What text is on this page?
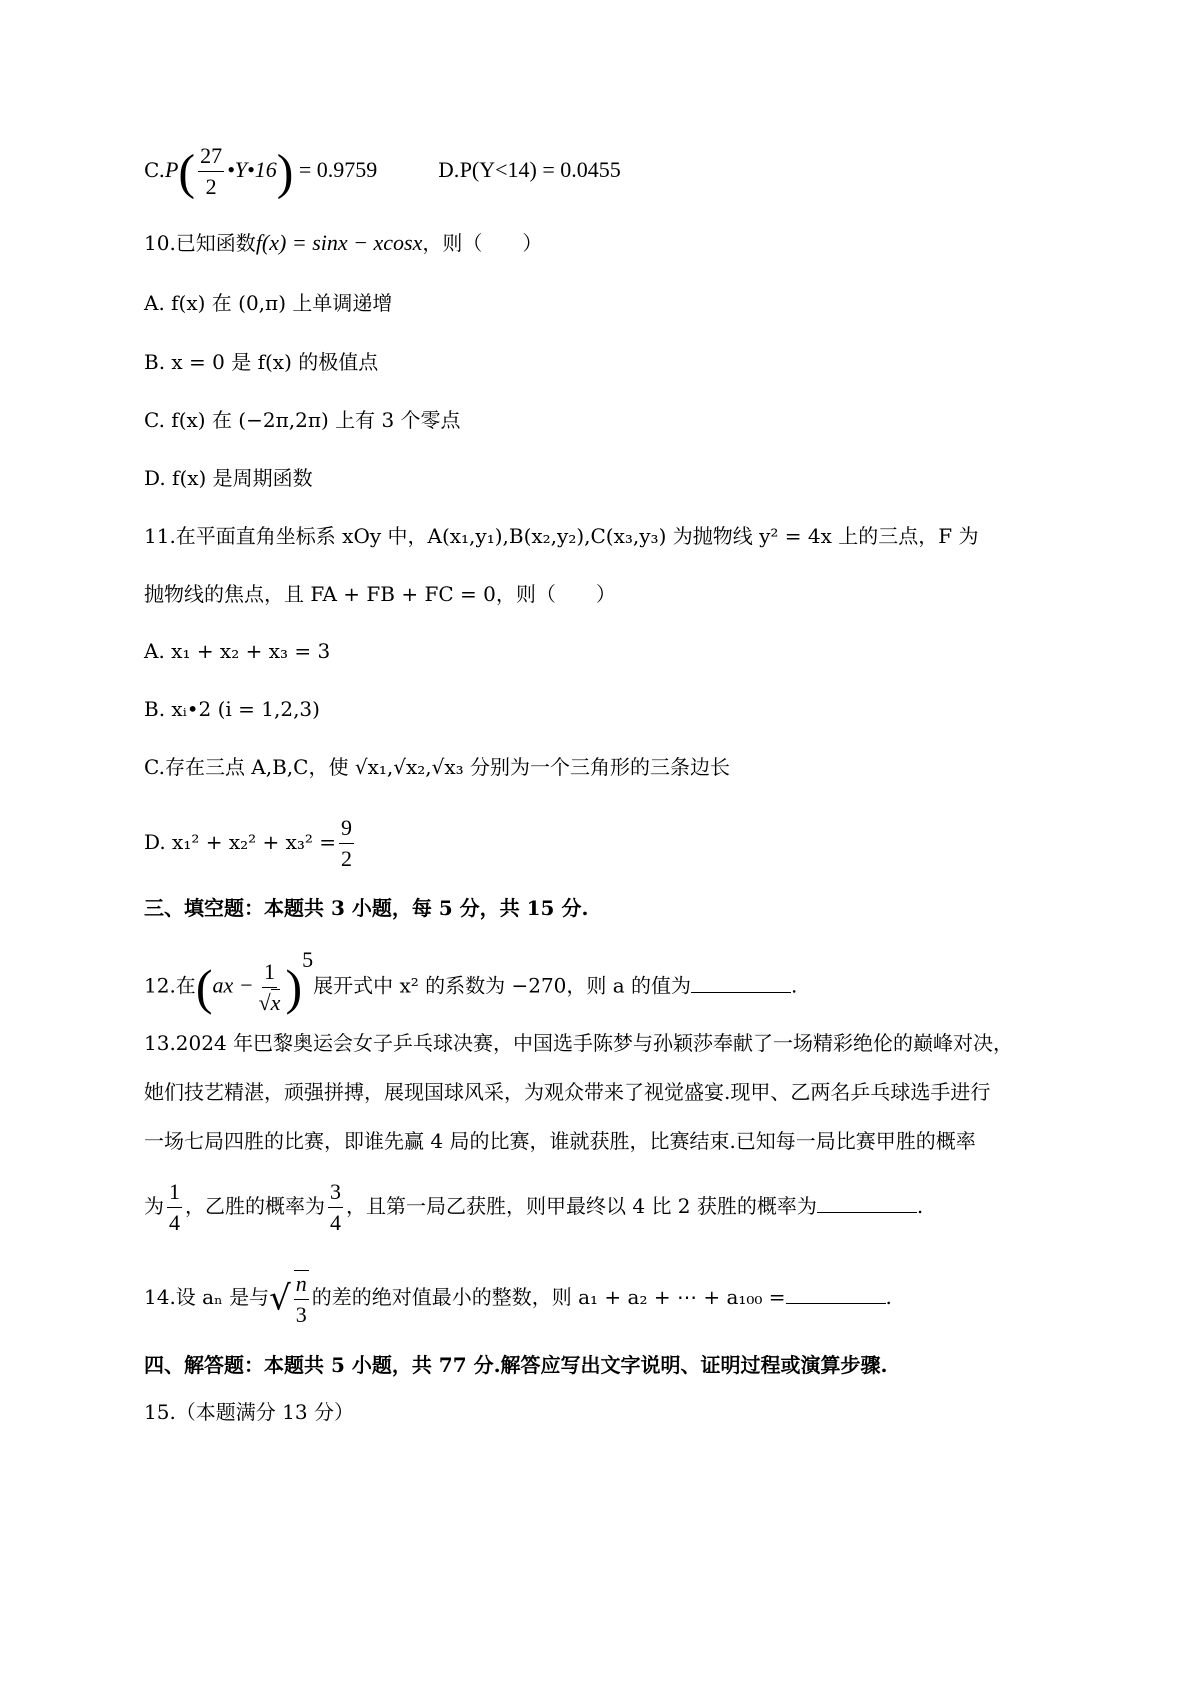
$C.P( \frac{27}{2}$ •Y•16) = 0.9759	D.P(Y<14) = 0.0455
10.已知函数f(x) = sinx − xcosx，则（　　）
A. f(x) 在 (0,π) 上单调递增
B. x = 0 是 f(x) 的极值点
C. f(x) 在 (−2π,2π) 上有 3 个零点
D. f(x) 是周期函数
11.在平面直角坐标系 xOy 中，A(x₁,y₁),B(x₂,y₂),C(x₃,y₃) 为抛物线 y² = 4x 上的三点，F 为
抛物线的焦点，且 FA + FB + FC = 0，则（　　）
A. x₁ + x₂ + x₃ = 3
B. xᵢ•2 (i = 1,2,3)
C.存在三点 A,B,C，使 √x₁,√x₂,√x₃ 分别为一个三角形的三条边长
D. $x_1^2 + x_2^2 + x_3^2 = \frac{9}{2}$
三、填空题：本题共 3 小题，每 5 分，共 15 分.
12.在$(ax - \frac{1}{√x} )^5$展开式中 x² 的系数为 −270，则 a 的值为	.
13.2024 年巴黎奥运会女子乒乓球决赛，中国选手陈梦与孙颖莎奉献了一场精彩绝伦的巅峰对决，
她们技艺精湛，顽强拼搏，展现国球风采，为观众带来了视觉盛宴.现甲、乙两名乒乓球选手进行
一场七局四胜的比赛，即谁先赢 4 局的比赛，谁就获胜，比赛结束.已知每一局比赛甲胜的概率
为 $\frac{1}{4}$ ，乙胜的概率为 $\frac{3}{4}$ ，且第一局乙获胜，则甲最终以 4 比 2 获胜的概率为	.
14.设 aₙ 是与√ $\frac{n}{3}$ 的差的绝对值最小的整数，则 a₁ + a₂ + ⋯ + a₁₀₀ =	.
四、解答题：本题共 5 小题，共 77 分.解答应写出文字说明、证明过程或演算步骤.
15.（本题满分 13 分）
